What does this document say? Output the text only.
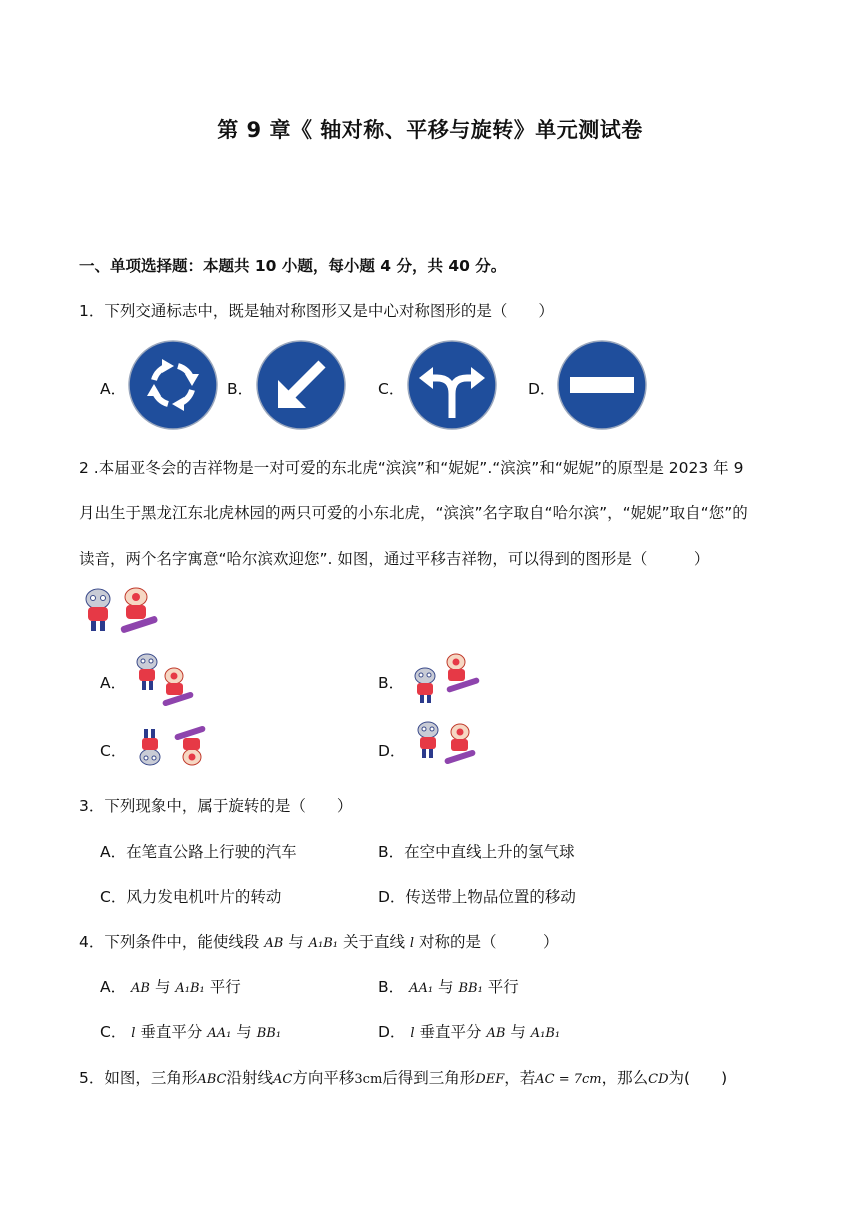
第 9 章《 轴对称、平移与旋转》单元测试卷
一、单项选择题：本题共 10 小题，每小题 4 分，共 40 分。
1．下列交通标志中，既是轴对称图形又是中心对称图形的是（　　）
A．	B．	C．	D．
2 .本届亚冬会的吉祥物是一对可爱的东北虎“滨滨”和“妮妮”.“滨滨”和“妮妮”的原型是 2023 年 9
月出生于黑龙江东北虎林园的两只可爱的小东北虎，“滨滨”名字取自“哈尔滨”，“妮妮”取自“您”的
读音，两个名字寓意“哈尔滨欢迎您”. 如图，通过平移吉祥物，可以得到的图形是（　　　）
A．	B．
C．	D．
3．下列现象中，属于旋转的是（　　）
A．在笔直公路上行驶的汽车	B．在空中直线上升的氢气球
C．风力发电机叶片的转动	D．传送带上物品位置的移动
4．下列条件中，能使线段 AB 与 A₁B₁ 关于直线 l 对称的是（　　　）
A． AB 与 A₁B₁ 平行	B． AA₁ 与 BB₁ 平行
C． l 垂直平分 AA₁ 与 BB₁	D． l 垂直平分 AB 与 A₁B₁
5．如图，三角形ABC沿射线AC方向平移3cm后得到三角形DEF，若AC = 7cm，那么CD为(　　)
